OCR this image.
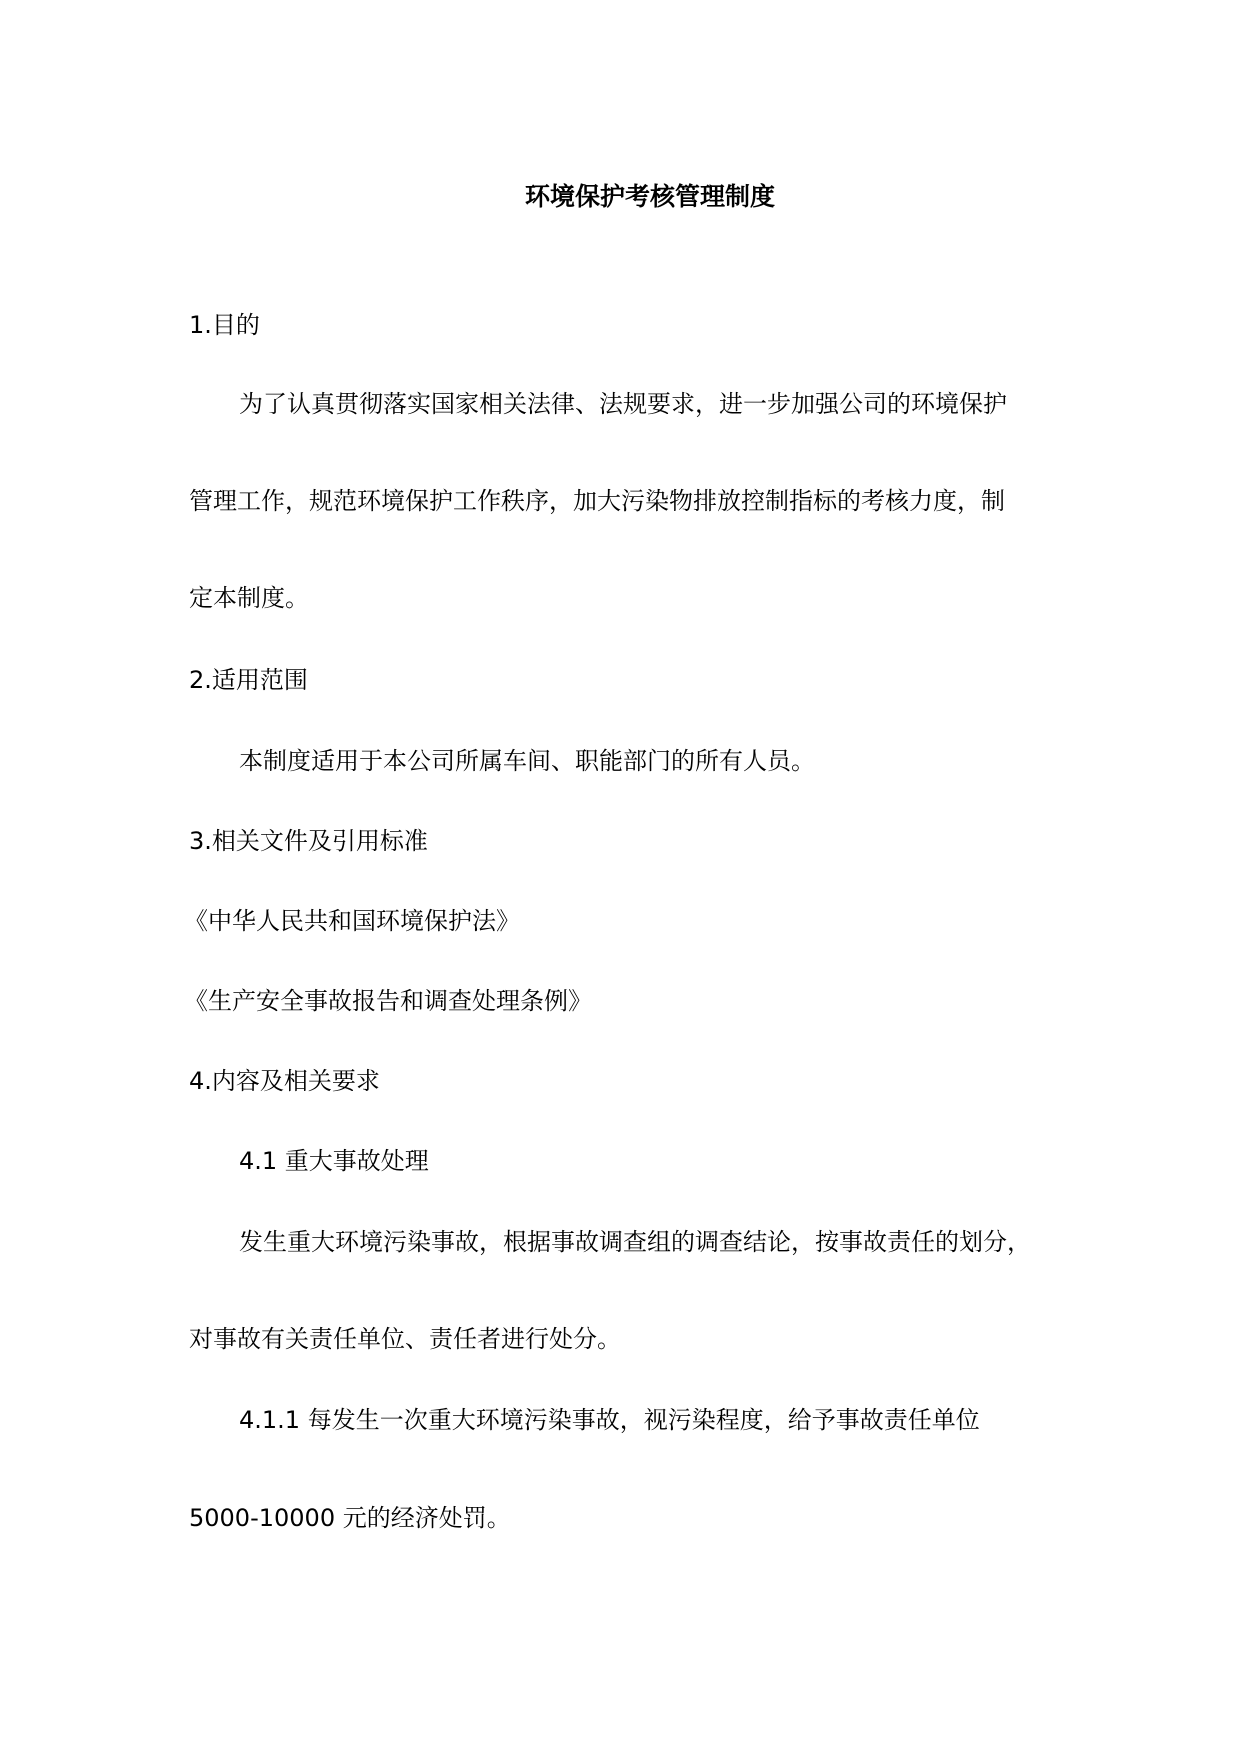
环境保护考核管理制度

1.目的

为了认真贯彻落实国家相关法律、法规要求，进一步加强公司的环境保护

管理工作，规范环境保护工作秩序，加大污染物排放控制指标的考核力度，制

定本制度。

2.适用范围

本制度适用于本公司所属车间、职能部门的所有人员。

3.相关文件及引用标准

《中华人民共和国环境保护法》

《生产安全事故报告和调查处理条例》

4.内容及相关要求

4.1 重大事故处理

发生重大环境污染事故，根据事故调查组的调查结论，按事故责任的划分，

对事故有关责任单位、责任者进行处分。

4.1.1 每发生一次重大环境污染事故，视污染程度，给予事故责任单位

5000-10000 元的经济处罚。
